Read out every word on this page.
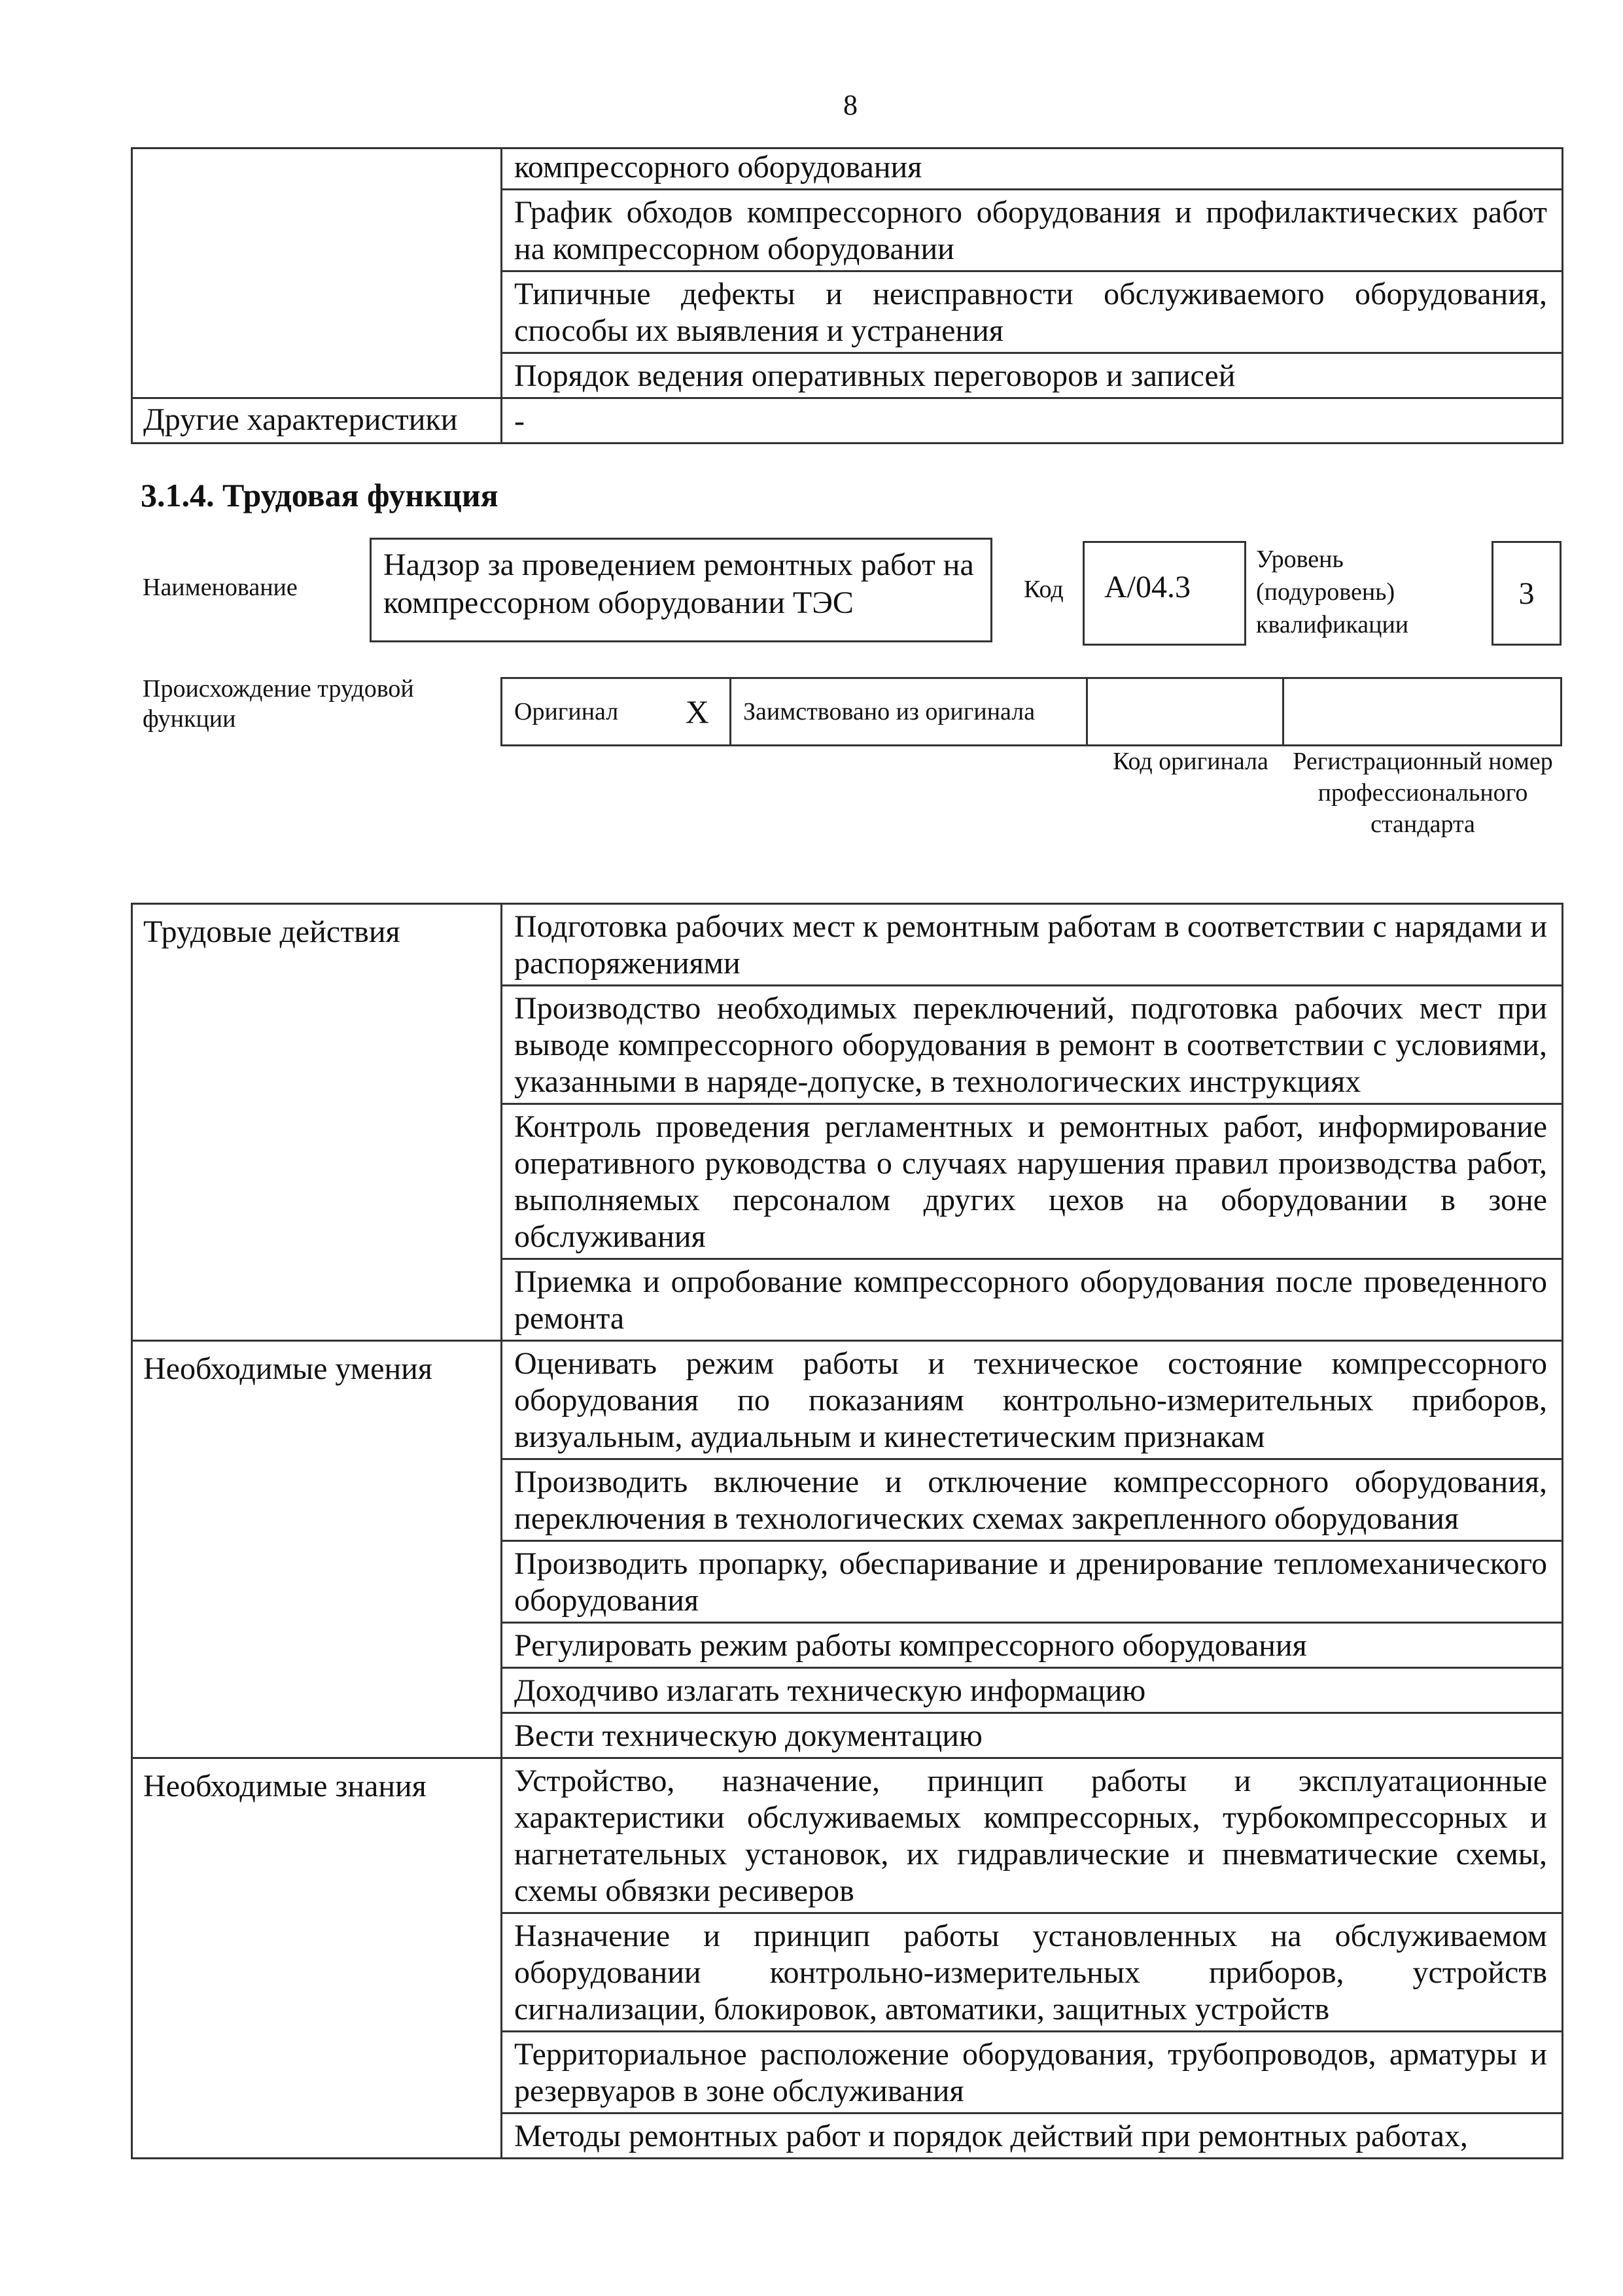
8
	компрессорного оборудования
	График обходов компрессорного оборудования и профилактических работ на компрессорном оборудовании
	Типичные дефекты и неисправности обслуживаемого оборудования, способы их выявления и устранения
	Порядок ведения оперативных переговоров и записей
Другие характеристики	-
3.1.4. Трудовая функция
Наименование
Надзор за проведением ремонтных работ на компрессорном оборудовании ТЭС	Код	A/04.3
Уровень (подуровень) квалификации
3
Происхождение трудовой функции	Оригинал	X	Заимствовано из оригинала		
Код оригинала Регистрационный номер профессионального стандарта
Трудовые действия	Подготовка рабочих мест к ремонтным работам в соответствии с нарядами и распоряжениями
	Производство необходимых переключений, подготовка рабочих мест при выводе компрессорного оборудования в ремонт в соответствии с условиями, указанными в наряде-допуске, в технологических инструкциях
	Контроль проведения регламентных и ремонтных работ, информирование оперативного руководства о случаях нарушения правил производства работ, выполняемых персоналом других цехов на оборудовании в зоне обслуживания
	Приемка и опробование компрессорного оборудования после проведенного ремонта
Необходимые умения	Оценивать режим работы и техническое состояние компрессорного оборудования по показаниям контрольно-измерительных приборов, визуальным, аудиальным и кинестетическим признакам
	Производить включение и отключение компрессорного оборудования, переключения в технологических схемах закрепленного оборудования
	Производить пропарку, обеспаривание и дренирование тепломеханического оборудования
	Регулировать режим работы компрессорного оборудования
	Доходчиво излагать техническую информацию
	Вести техническую документацию
Необходимые знания	Устройство, назначение, принцип работы и эксплуатационные характеристики обслуживаемых компрессорных, турбокомпрессорных и нагнетательных установок, их гидравлические и пневматические схемы, схемы обвязки ресиверов
	Назначение и принцип работы установленных на обслуживаемом оборудовании контрольно-измерительных приборов, устройств сигнализации, блокировок, автоматики, защитных устройств
	Территориальное расположение оборудования, трубопроводов, арматуры и резервуаров в зоне обслуживания
	Методы ремонтных работ и порядок действий при ремонтных работах,
